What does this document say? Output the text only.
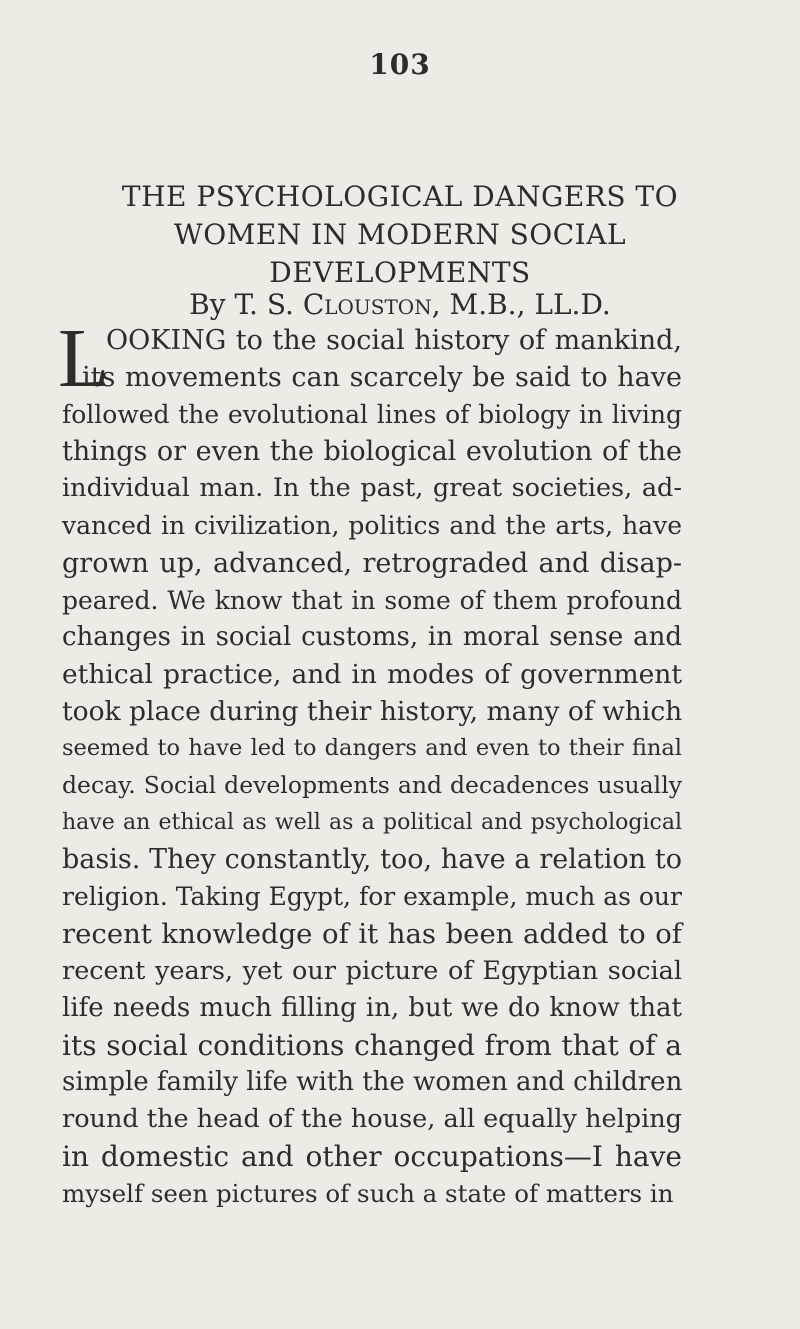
103
THE PSYCHOLOGICAL DANGERS TO
WOMEN IN MODERN SOCIAL
DEVELOPMENTS
By T. S. Clouston, M.B., LL.D.
L
OOKING to the social history of mankind,
its movements can scarcely be said to have
followed the evolutional lines of biology in living
things or even the biological evolution of the
individual man. In the past, great societies, ad-
vanced in civilization, politics and the arts, have
grown up, advanced, retrograded and disap-
peared. We know that in some of them profound
changes in social customs, in moral sense and
ethical practice, and in modes of government
took place during their history, many of which
seemed to have led to dangers and even to their final
decay. Social developments and decadences usually
have an ethical as well as a political and psychological
basis. They constantly, too, have a relation to
religion. Taking Egypt, for example, much as our
recent knowledge of it has been added to of
recent years, yet our picture of Egyptian social
life needs much filling in, but we do know that
its social conditions changed from that of a
simple family life with the women and children
round the head of the house, all equally helping
in domestic and other occupations—I have
myself seen pictures of such a state of matters in
